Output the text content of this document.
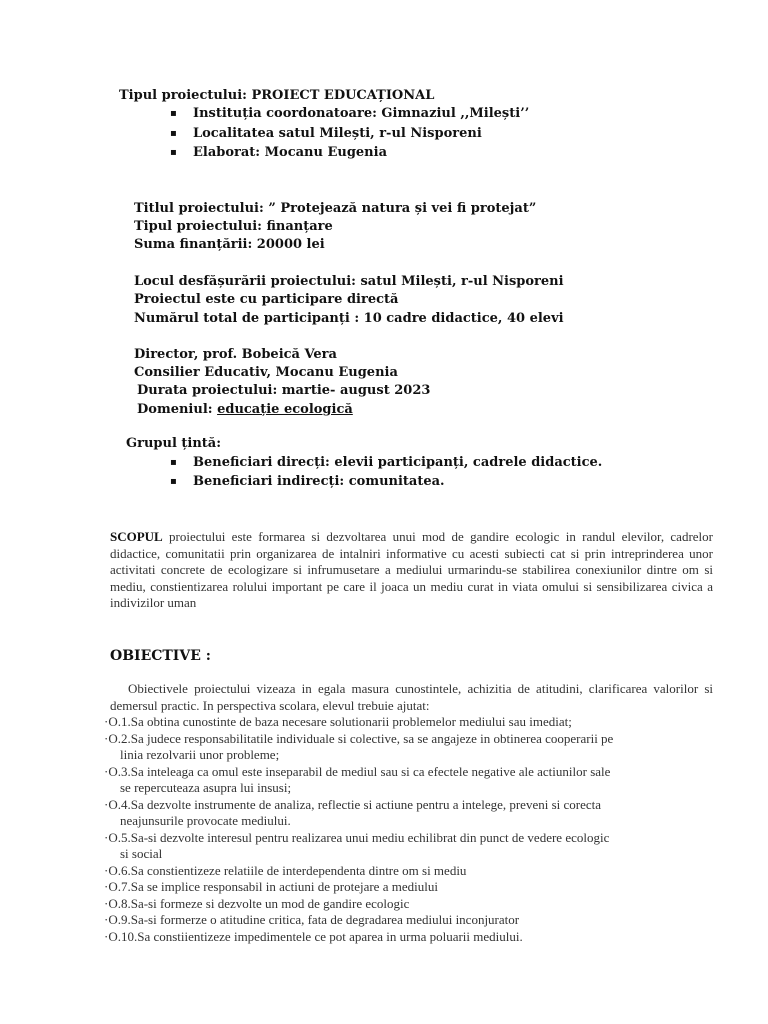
Tipul proiectului: PROIECT EDUCAȚIONAL
▪ Instituția coordonatoare: Gimnaziul ,,Milești’’
▪ Localitatea satul Milești, r-ul Nisporeni
▪ Elaborat: Mocanu Eugenia
Titlul proiectului: ” Protejează natura și vei fi protejat”
Tipul proiectului: finanțare
Suma finanțării: 20000 lei
Locul desfășurării proiectului: satul Milești, r-ul Nisporeni
Proiectul este cu participare directă
Numărul total de participanți : 10 cadre didactice, 40 elevi
Director, prof. Bobeică Vera
Consilier Educativ, Mocanu Eugenia
Durata proiectului: martie- august 2023
Domeniul: educație ecologică
Grupul țintă:
▪ Beneficiari direcți: elevii participanți, cadrele didactice.
▪ Beneficiari indirecți: comunitatea.
SCOPUL proiectului este formarea si dezvoltarea unui mod de gandire ecologic in randul elevilor, cadrelor didactice, comunitatii prin organizarea de intalniri informative cu acesti subiecti cat si prin intreprinderea unor activitati concrete de ecologizare si infrumusetare a mediului urmarindu-se stabilirea conexiunilor dintre om si mediu, constientizarea rolului important pe care il joaca un mediu curat in viata omului si sensibilizarea civica a indivizilor uman
OBIECTIVE :
Obiectivele proiectului vizeaza in egala masura cunostintele, achizitia de atitudini, clarificarea valorilor si demersul practic. In perspectiva scolara, elevul trebuie ajutat:
·O.1.Sa obtina cunostinte de baza necesare solutionarii problemelor mediului sau imediat;
·O.2.Sa judece responsabilitatile individuale si colective, sa se angajeze in obtinerea cooperarii pe
linia rezolvarii unor probleme;
·O.3.Sa inteleaga ca omul este inseparabil de mediul sau si ca efectele negative ale actiunilor sale
se repercuteaza asupra lui insusi;
·O.4.Sa dezvolte instrumente de analiza, reflectie si actiune pentru a intelege, preveni si corecta
neajunsurile provocate mediului.
·O.5.Sa-si dezvolte interesul pentru realizarea unui mediu echilibrat din punct de vedere ecologic
si social
·O.6.Sa constientizeze relatiile de interdependenta dintre om si mediu
·O.7.Sa se implice responsabil in actiuni de protejare a mediului
·O.8.Sa-si formeze si dezvolte un mod de gandire ecologic
·O.9.Sa-si formerze o atitudine critica, fata de degradarea mediului inconjurator
·O.10.Sa constiientizeze impedimentele ce pot aparea in urma poluarii mediului.
